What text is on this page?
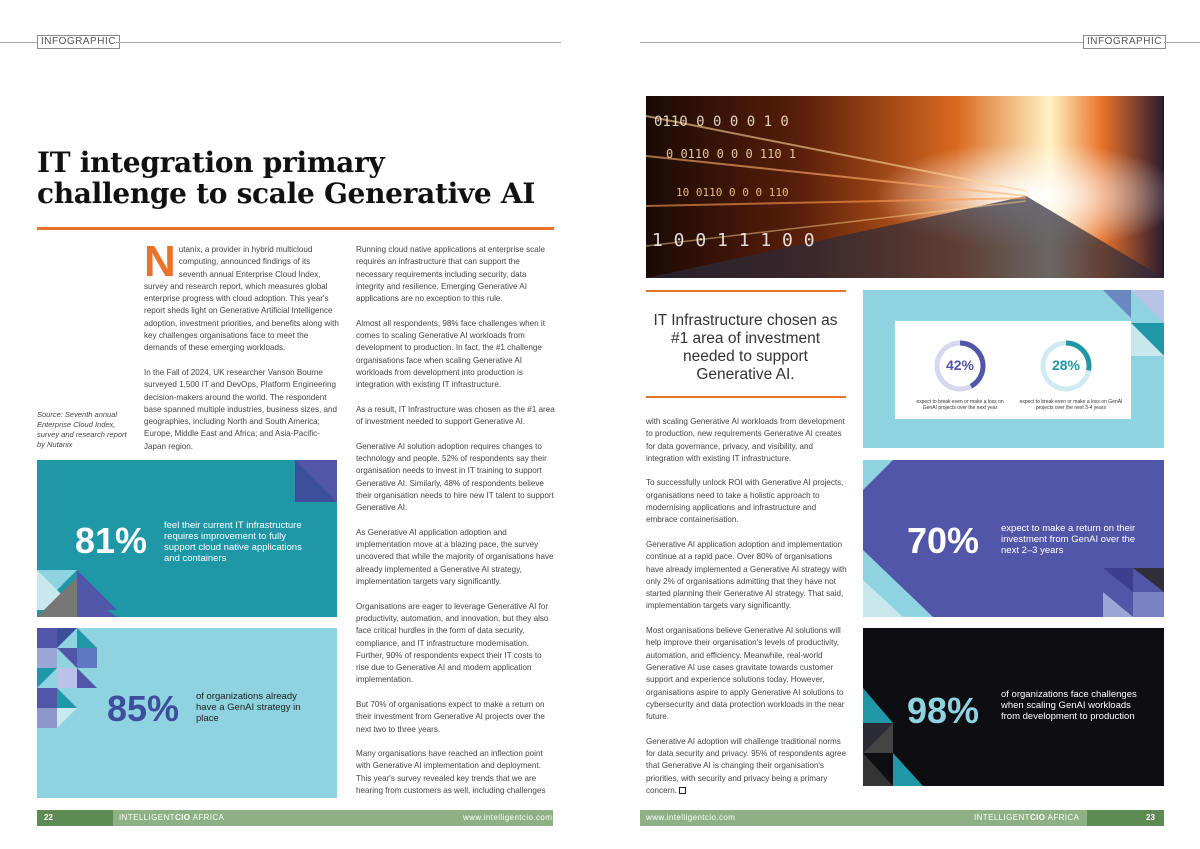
INFOGRAPHIC	INFOGRAPHIC
IT integration primary
challenge to scale Generative AI
N utanix, a provider in hybrid multicloud computing, announced findings of its seventh annual Enterprise Cloud Index, survey and research report, which measures global enterprise progress with cloud adoption. This year's report sheds light on Generative Artificial Intelligence adoption, investment priorities, and benefits along with key challenges organisations face to meet the demands of these emerging workloads.

In the Fall of 2024, UK researcher Vanson Bourne surveyed 1,500 IT and DevOps, Platform Engineering decision-makers around the world. The respondent base spanned multiple industries, business sizes, and geographies, including North and South America; Europe, Middle East and Africa; and Asia-Pacific-Japan region.

Source: Seventh annual Enterprise Cloud Index, survey and research report by Nutanix

Running cloud native applications at enterprise scale requires an infrastructure that can support the necessary requirements including security, data integrity and resilience. Emerging Generative AI applications are no exception to this rule.

Almost all respondents, 98% face challenges when it comes to scaling Generative AI workloads from development to production. In fact, the #1 challenge organisations face when scaling Generative AI workloads from development into production is integration with existing IT infrastructure.

As a result, IT Infrastructure was chosen as the #1 area of investment needed to support Generative AI.

Generative AI solution adoption requires changes to technology and people. 52% of respondents say their organisation needs to invest in IT training to support Generative AI. Similarly, 48% of respondents believe their organisation needs to hire new IT talent to support Generative AI.

As Generative AI application adoption and implementation move at a blazing pace, the survey uncovered that while the majority of organisations have already implemented a Generative AI strategy, implementation targets vary significantly.

Organisations are eager to leverage Generative AI for productivity, automation, and innovation, but they also face critical hurdles in the form of data security, compliance, and IT infrastructure modernisation. Further, 90% of respondents expect their IT costs to rise due to Generative AI and modern application implementation.

But 70% of organisations expect to make a return on their investment from Generative AI projects over the next two to three years.

Many organisations have reached an inflection point with Generative AI implementation and deployment. This year's survey revealed key trends that we are hearing from customers as well, including challenges

81% feel their current IT infrastructure requires improvement to fully support cloud native applications and containers
85% of organizations already have a GenAI strategy in place
0110 0 0 0 0 1 0
0 0110 0 0 0 110 1
10 0110 0 0 0 110
1 0 0 1 1 1 0 0
IT Infrastructure chosen as #1 area of investment needed to support Generative AI.

with scaling Generative AI workloads from development to production, new requirements Generative AI creates for data governance, privacy, and visibility, and integration with existing IT infrastructure.

To successfully unlock ROI with Generative AI projects, organisations need to take a holistic approach to modernising applications and infrastructure and embrace containerisation.

Generative AI application adoption and implementation continue at a rapid pace. Over 80% of organisations have already implemented a Generative AI strategy with only 2% of organisations admitting that they have not started planning their Generative AI strategy. That said, implementation targets vary significantly.

Most organisations believe Generative AI solutions will help improve their organisation's levels of productivity, automation, and efficiency. Meanwhile, real-world Generative AI use cases gravitate towards customer support and experience solutions today. However, organisations aspire to apply Generative AI solutions to cybersecurity and data protection workloads in the near future.

Generative AI adoption will challenge traditional norms for data security and privacy. 95% of respondents agree that Generative AI is changing their organisation's priorities, with security and privacy being a primary concern.

42%
expect to break even or make a loss on GenAI projects over the next year
28%
expect to break even or make a loss on GenAI projects over the next 3-4 years
70% expect to make a return on their investment from GenAI over the next 2–3 years
98% of organizations face challenges when scaling GenAI workloads from development to production
22	INTELLIGENTCIO AFRICA	www.intelligentcio.com	www.intelligentcio.com	INTELLIGENTCIO AFRICA	23
